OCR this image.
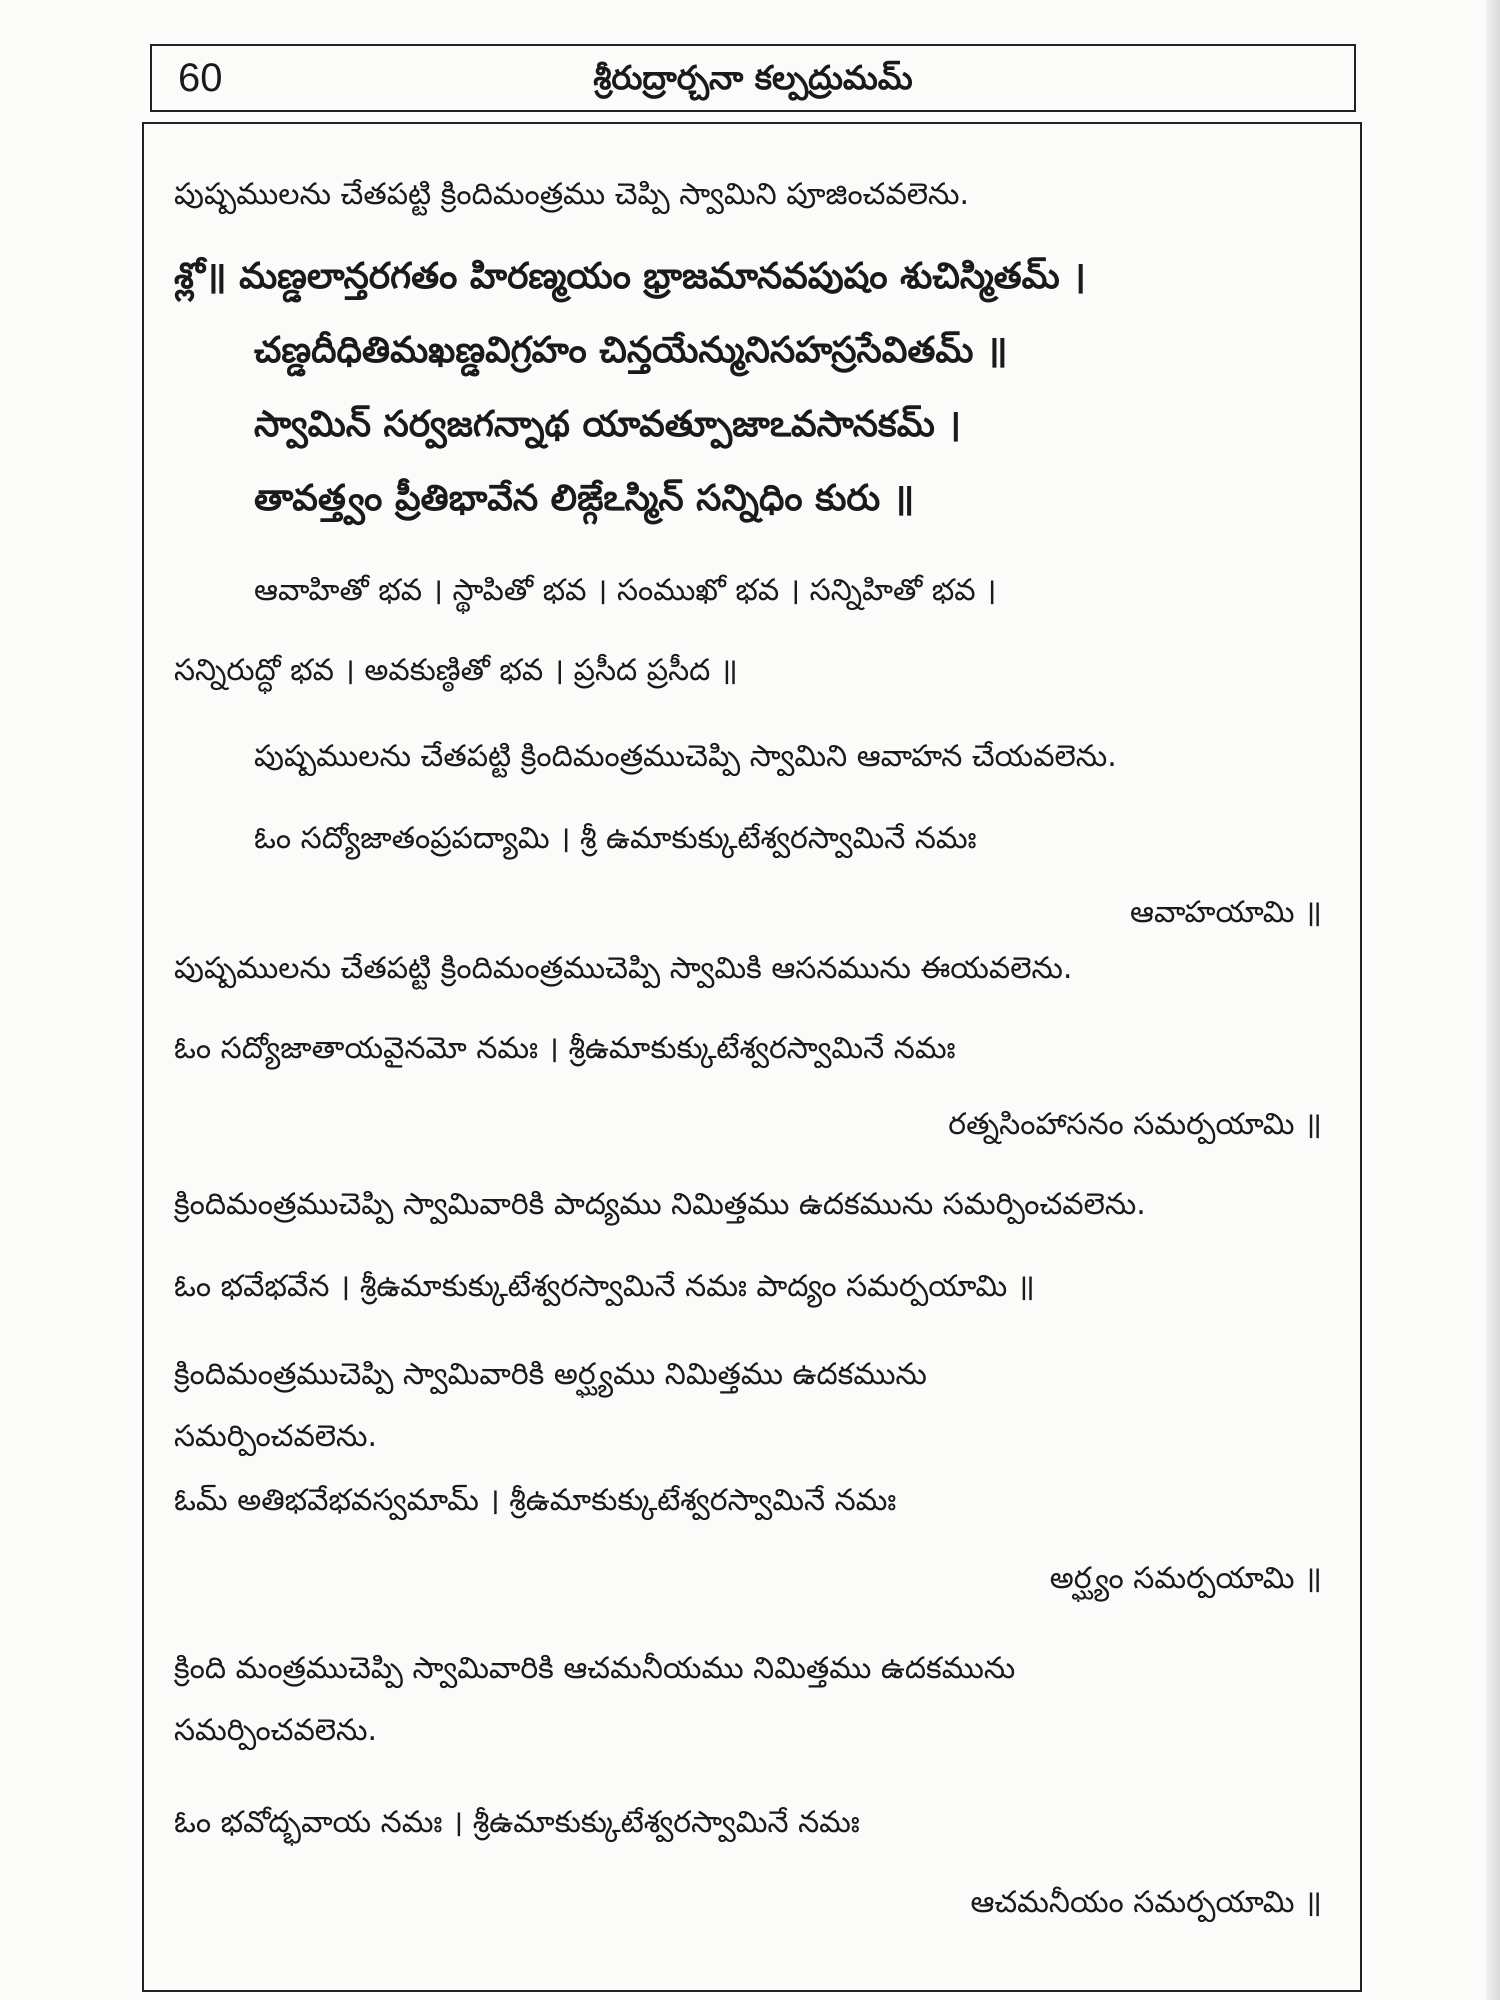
60	శ్రీరుద్రార్చనా కల్పద్రుమమ్
పుష్పములను చేతపట్టి క్రిందిమంత్రము చెప్పి స్వామిని పూజించవలెను.
శ్లో॥ మణ్డలాన్తరగతం హిరణ్మయం భ్రాజమానవపుషం శుచిస్మితమ్ ।
చణ్డదీధితిమఖణ్డవిగ్రహం చిన్తయేన్మునిసహస్రసేవితమ్ ॥
స్వామిన్ సర్వజగన్నాథ యావత్పూజాఽవసానకమ్ ।
తావత్త్వం ప్రీతిభావేన లిఙ్గేఽస్మిన్ సన్నిధిం కురు ॥
ఆవాహితో భవ । స్థాపితో భవ । సంముఖో భవ । సన్నిహితో భవ ।
సన్నిరుద్ధో భవ । అవకుణ్ఠితో భవ । ప్రసీద ప్రసీద ॥
పుష్పములను చేతపట్టి క్రిందిమంత్రముచెప్పి స్వామిని ఆవాహన చేయవలెను.
ఓం సద్యోజాతంప్రపద్యామి । శ్రీ ఉమాకుక్కుటేశ్వరస్వామినే నమః
ఆవాహయామి ॥
పుష్పములను చేతపట్టి క్రిందిమంత్రముచెప్పి స్వామికి ఆసనమును ఈయవలెను.
ఓం సద్యోజాతాయవైనమో నమః । శ్రీఉమాకుక్కుటేశ్వరస్వామినే నమః
రత్నసింహాసనం సమర్పయామి ॥
క్రిందిమంత్రముచెప్పి స్వామివారికి పాద్యము నిమిత్తము ఉదకమును సమర్పించవలెను.
ఓం భవేభవేన । శ్రీఉమాకుక్కుటేశ్వరస్వామినే నమః పాద్యం సమర్పయామి ॥
క్రిందిమంత్రముచెప్పి స్వామివారికి అర్ఘ్యము నిమిత్తము ఉదకమును
సమర్పించవలెను.
ఓమ్ అతిభవేభవస్వమామ్ । శ్రీఉమాకుక్కుటేశ్వరస్వామినే నమః
అర్ఘ్యం సమర్పయామి ॥
క్రింది మంత్రముచెప్పి స్వామివారికి ఆచమనీయము నిమిత్తము ఉదకమును
సమర్పించవలెను.
ఓం భవోద్భవాయ నమః । శ్రీఉమాకుక్కుటేశ్వరస్వామినే నమః
ఆచమనీయం సమర్పయామి ॥
